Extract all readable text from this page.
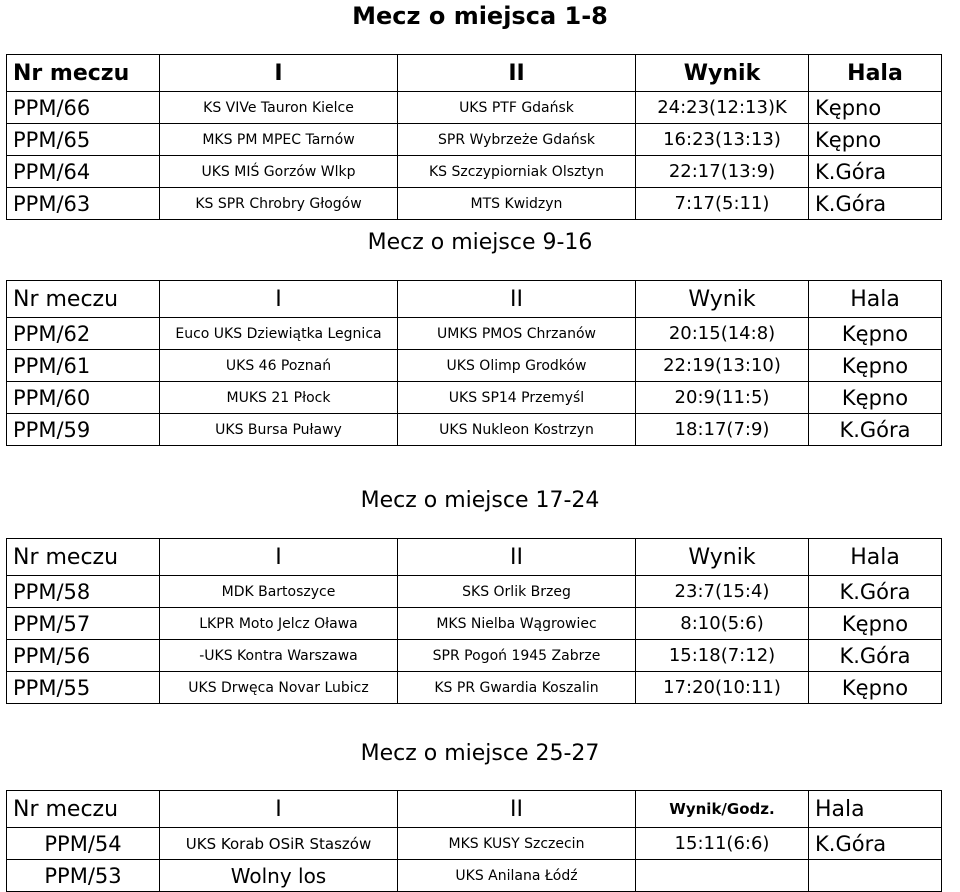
Mecz o miejsca 1-8
Nr meczu	I	II	Wynik	Hala
PPM/66	KS VIVe Tauron Kielce	UKS PTF Gdańsk	24:23(12:13)K	Kępno
PPM/65	MKS PM MPEC Tarnów	SPR Wybrzeże Gdańsk	16:23(13:13)	Kępno
PPM/64	UKS MIŚ Gorzów Wlkp	KS Szczypiorniak Olsztyn	22:17(13:9)	K.Góra
PPM/63	KS SPR Chrobry Głogów	MTS Kwidzyn	7:17(5:11)	K.Góra
Mecz o miejsce 9-16
Nr meczu	I	II	Wynik	Hala
PPM/62	Euco UKS Dziewiątka Legnica	UMKS PMOS Chrzanów	20:15(14:8)	Kępno
PPM/61	UKS 46 Poznań	UKS Olimp Grodków	22:19(13:10)	Kępno
PPM/60	MUKS 21 Płock	UKS SP14 Przemyśl	20:9(11:5)	Kępno
PPM/59	UKS Bursa Puławy	UKS Nukleon Kostrzyn	18:17(7:9)	K.Góra
Mecz o miejsce 17-24
Nr meczu	I	II	Wynik	Hala
PPM/58	MDK Bartoszyce	SKS Orlik Brzeg	23:7(15:4)	K.Góra
PPM/57	LKPR Moto Jelcz Oława	MKS Nielba Wągrowiec	8:10(5:6)	Kępno
PPM/56	-UKS Kontra Warszawa	SPR Pogoń 1945 Zabrze	15:18(7:12)	K.Góra
PPM/55	UKS Drwęca Novar Lubicz	KS PR Gwardia Koszalin	17:20(10:11)	Kępno
Mecz o miejsce 25-27
Nr meczu	I	II	Wynik/Godz.	Hala
PPM/54	UKS Korab OSiR Staszów	MKS KUSY Szczecin	15:11(6:6)	K.Góra
PPM/53	Wolny los	UKS Anilana Łódź		
